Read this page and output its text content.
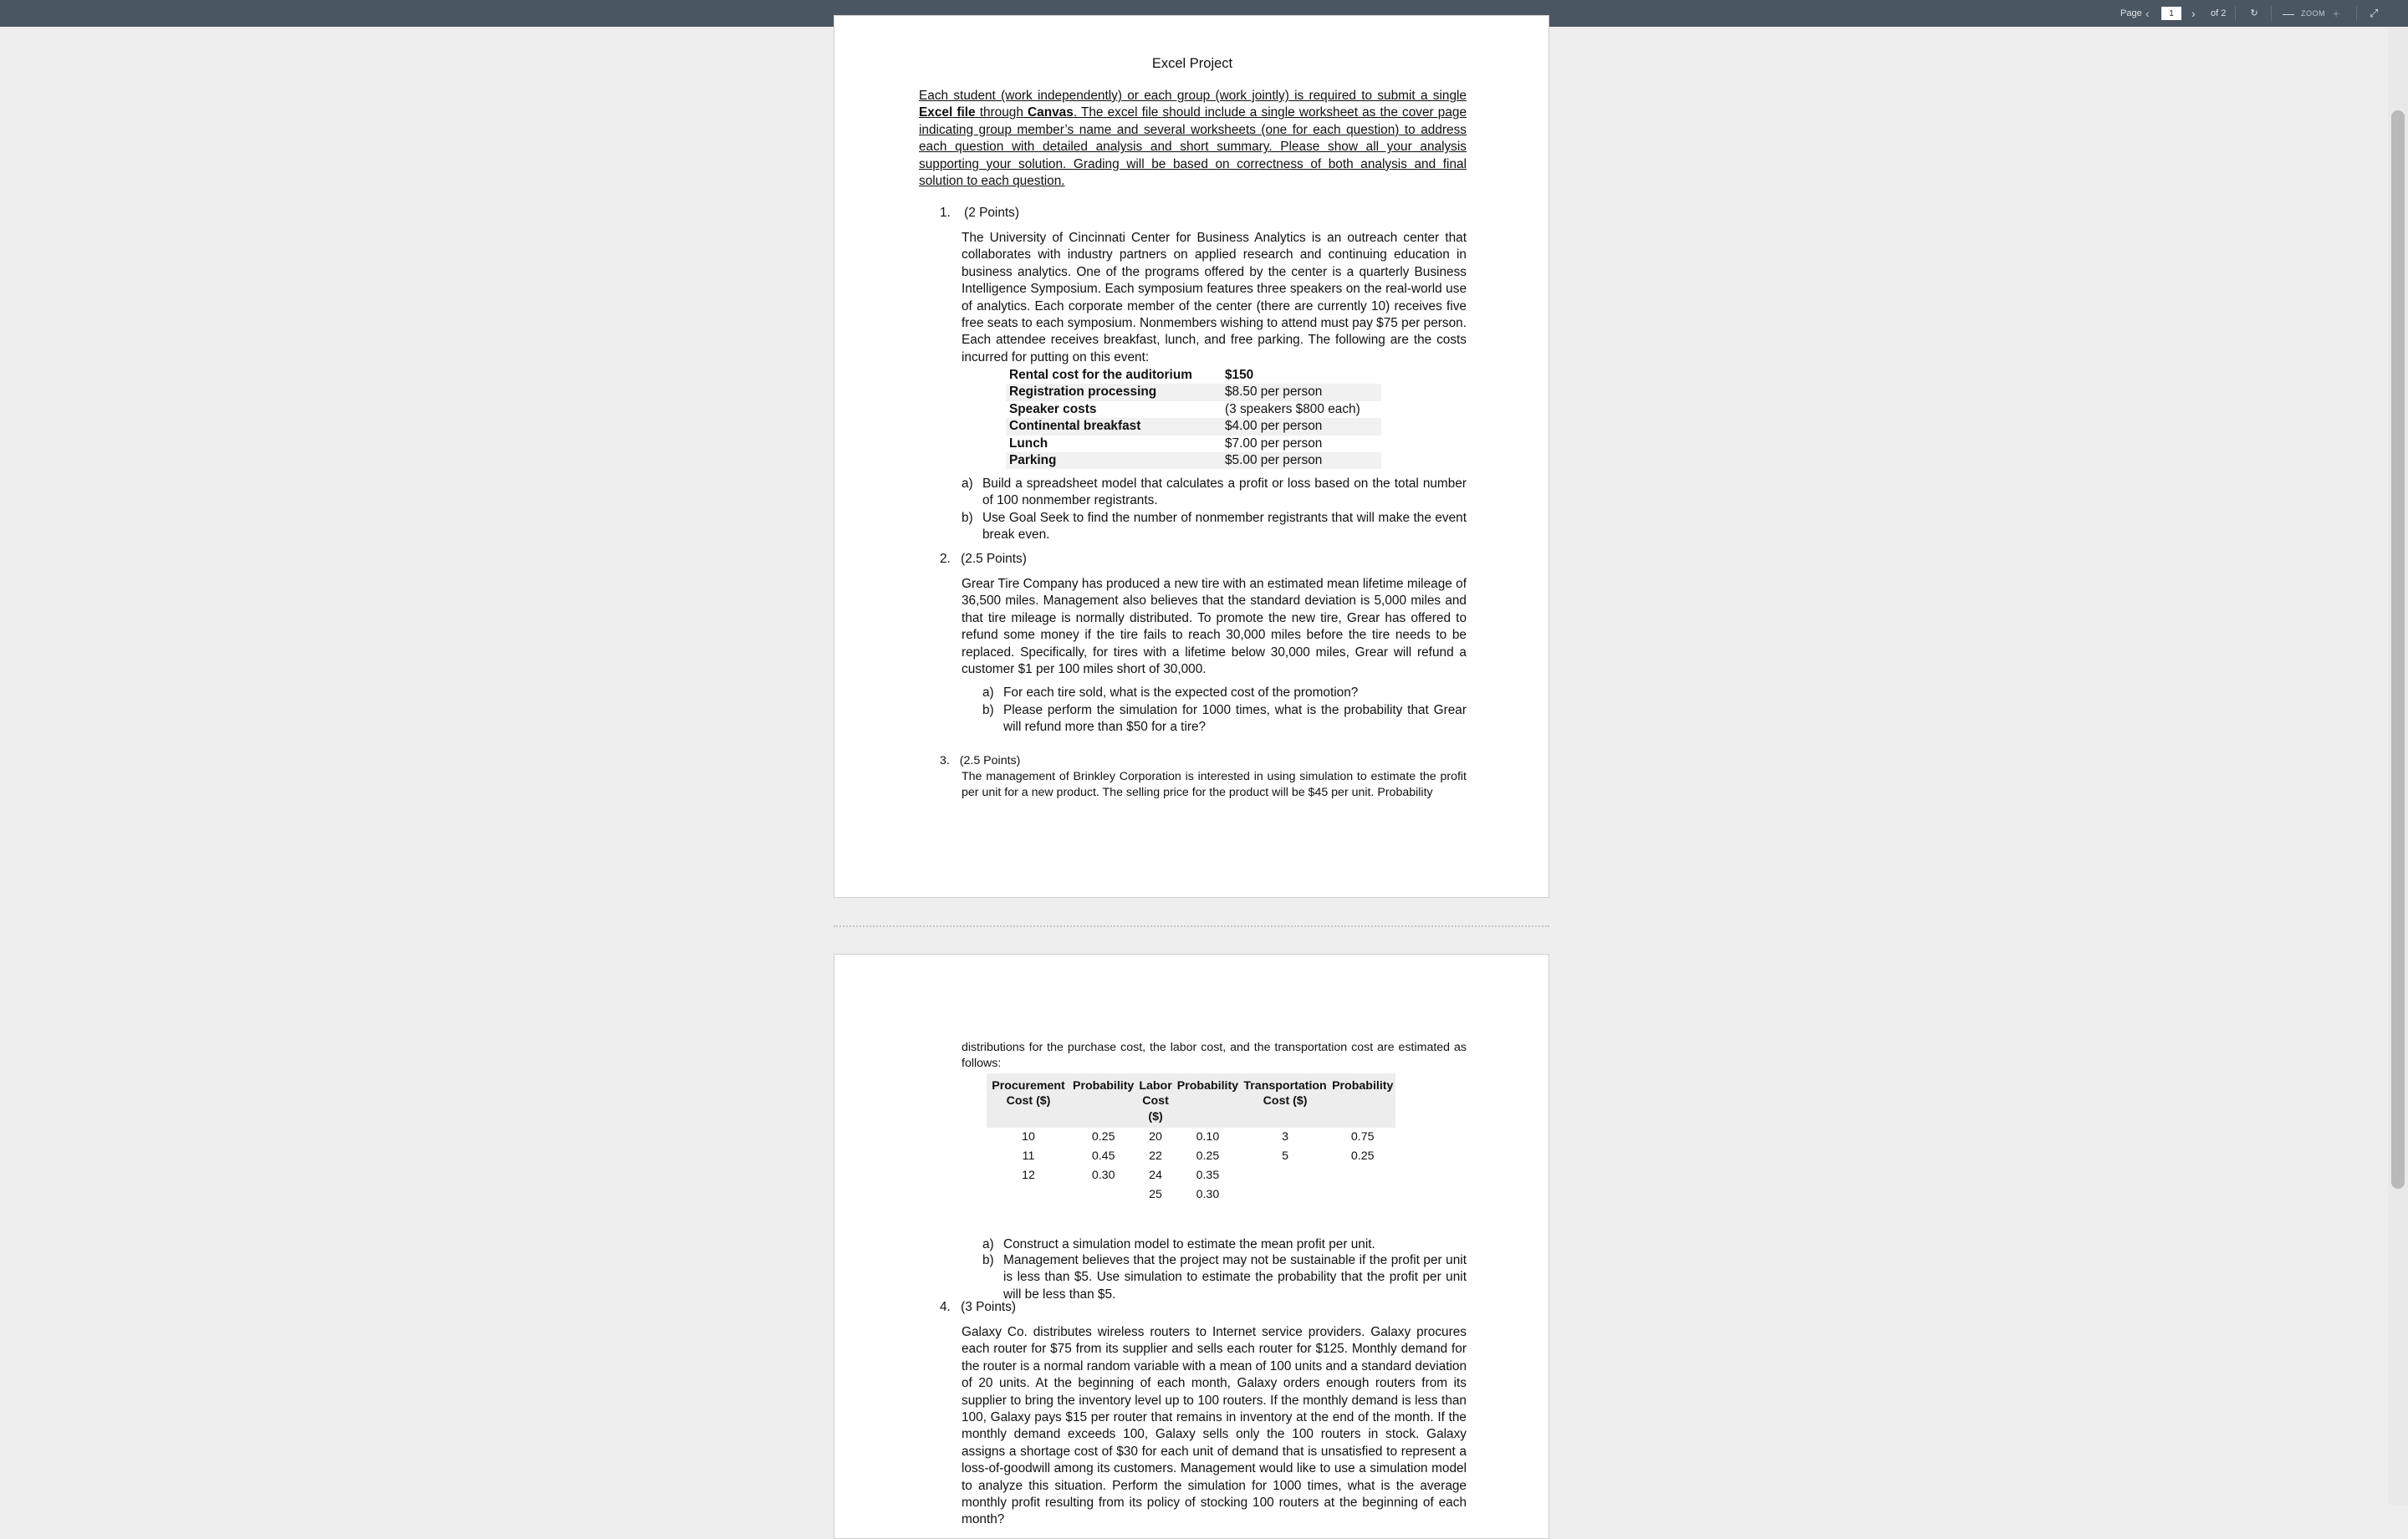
Page ‹
1	› of 2	↻ — ZOOM +	⤢
Excel Project
Each student (work independently) or each group (work jointly) is required to submit a single Excel file through Canvas. The excel file should include a single worksheet as the cover page indicating group member’s name and several worksheets (one for each question) to address each question with detailed analysis and short summary. Please show all your analysis supporting your solution. Grading will be based on correctness of both analysis and final solution to each question.
1. (2 Points)
The University of Cincinnati Center for Business Analytics is an outreach center that collaborates with industry partners on applied research and continuing education in business analytics. One of the programs offered by the center is a quarterly Business Intelligence Symposium. Each symposium features three speakers on the real-world use of analytics. Each corporate member of the center (there are currently 10) receives five free seats to each symposium. Nonmembers wishing to attend must pay $75 per person. Each attendee receives breakfast, lunch, and free parking. The following are the costs incurred for putting on this event:
Rental cost for the auditorium	$150
Registration processing	$8.50 per person
Speaker costs	(3 speakers $800 each)
Continental breakfast	$4.00 per person
Lunch	$7.00 per person
Parking	$5.00 per person
a) Build a spreadsheet model that calculates a profit or loss based on the total number of 100 nonmember registrants.
b) Use Goal Seek to find the number of nonmember registrants that will make the event break even.
2. (2.5 Points)
Grear Tire Company has produced a new tire with an estimated mean lifetime mileage of 36,500 miles. Management also believes that the standard deviation is 5,000 miles and that tire mileage is normally distributed. To promote the new tire, Grear has offered to refund some money if the tire fails to reach 30,000 miles before the tire needs to be replaced. Specifically, for tires with a lifetime below 30,000 miles, Grear will refund a customer $1 per 100 miles short of 30,000.
a) For each tire sold, what is the expected cost of the promotion?
b) Please perform the simulation for 1000 times, what is the probability that Grear will refund more than $50 for a tire?
3. (2.5 Points)
The management of Brinkley Corporation is interested in using simulation to estimate the profit per unit for a new product. The selling price for the product will be $45 per unit. Probability
distributions for the purchase cost, the labor cost, and the transportation cost are estimated as follows:
Procurement Cost ($)	Probability	Labor Cost ($)	Probability	Transportation Cost ($)	Probability
10	0.25	20	0.10	3	0.75
11	0.45	22	0.25	5	0.25
12	0.30	24	0.35		
		25	0.30		
a) Construct a simulation model to estimate the mean profit per unit.
b) Management believes that the project may not be sustainable if the profit per unit is less than $5. Use simulation to estimate the probability that the profit per unit will be less than $5.
4. (3 Points)
Galaxy Co. distributes wireless routers to Internet service providers. Galaxy procures each router for $75 from its supplier and sells each router for $125. Monthly demand for the router is a normal random variable with a mean of 100 units and a standard deviation of 20 units. At the beginning of each month, Galaxy orders enough routers from its supplier to bring the inventory level up to 100 routers. If the monthly demand is less than 100, Galaxy pays $15 per router that remains in inventory at the end of the month. If the monthly demand exceeds 100, Galaxy sells only the 100 routers in stock. Galaxy assigns a shortage cost of $30 for each unit of demand that is unsatisfied to represent a loss-of-goodwill among its customers. Management would like to use a simulation model to analyze this situation. Perform the simulation for 1000 times, what is the average monthly profit resulting from its policy of stocking 100 routers at the beginning of each month?
